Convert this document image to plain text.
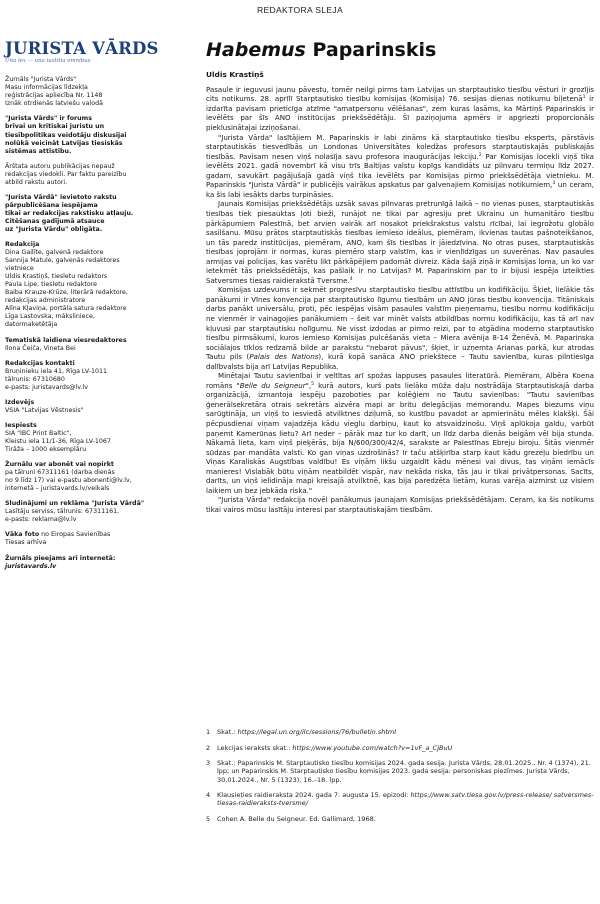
REDAKTORA SLEJA
JURISTA VĀRDS
Una lex — una iustitia omnibus

Žurnāls "Jurista Vārds"

Masu informācijas līdzekļa

reģistrācijas apliecība Nr. 1148

Iznāk otrdienās latviešu valodā

"Jurista Vārds" ir forums

brīvai un kritiskai juristu un

tiesībpolitikas veidotāju diskusijai

nolūkā veicināt Latvijas tiesiskās

sistēmas attīstību.

Ārštata autoru publikācijas nepauž

redakcijas viedokli. Par faktu pareizību

atbild rakstu autori.

"Jurista Vārdā" ievietoto rakstu

pārpublicēšana iespējama

tikai ar redakcijas rakstisku atļauju.

Citēšanas gadījumā atsauce

uz "Jurista Vārdu" obligāta.

Redakcija

Dina Gailīte, galvenā redaktore

Sannija Matule, galvenās redaktores

vietniece

Uldis Krastiņš, tiesletu redaktors

Paula Lipe, tiesletu redaktore

Baiba Krauze-Krūze, literārā redaktore,

redakcijas administratore

Alīna Kļaviņa, portāla satura redaktore

Līga Lastovska, māksliniece,

datormaketētāja

Tematiskā laidiena viesredaktores

Ilona Čeiča, Vineta Bei

Redakcijas kontakti

Bruņinieku iela 41, Rīga LV-1011

tālrunis: 67310680

e-pasts: juristavards@lv.lv

Izdevējs

VSIA "Latvijas Vēstnesis"

Iespiests

SIA "IBC Print Baltic",

Kleistu iela 11/1-36, Rīga LV-1067

Tirāža – 1000 eksemplāru

Žurnālu var abonēt vai nopirkt

pa tālruni 67311161 (darba dienās

no 9 līdz 17) vai e-pastu abonenti@lv.lv,

internetā – juristavards.lv/veikals

Sludinājumi un reklāma "Jurista Vārdā"

Lasītāju serviss, tālrunis: 67311161,

e-pasts: reklama@lv.lv

Vāka foto no Eiropas Savienības

Tiesas arhīva

Žurnāls pieejams arī internetā:

juristavards.lv

Habemus Paparinskis
Uldis Krastiņš

Pasaule ir ieguvusi jaunu pāvestu, tomēr neilgi pirms tam Latvijas un starptautisko tiesību vēsturi ir grozījis cits notikums. 28. aprīlī Starptautisko tiesību komisijas (Komisija) 76. sesijas dienas notikumu biļetenā$^1$ ir izdarīta pavisam prieticīga atzīme "amatpersonu vēlēšanas", zem kuras lasāms, ka Mārtiņš Paparinskis ir ievēlēts par šīs ANO institūcijas priekšsēdētāju. Šī paziņojuma apmērs ir apgriezti proporcionāls pieklusinātajai izziņošanai.

"Jurista Vārda" lasītājiem M. Paparinskis ir labi zināms kā starptautisko tiesību eksperts, pārstāvis starptautiskās tiesvedībās un Londonas Universitātes koledžas profesors starptautiskajās publiskajās tiesībās. Pavisam nesen viņš nolasīja savu profesora inaugurācijas lekciju.$^2$ Par Komisijas locekli viņš tika ievēlēts 2021. gadā novembrī kā visu trīs Baltijas valstu kopīgs kandidāts uz pilnvaru termiņu līdz 2027. gadam, savukārt pagājušajā gadā viņš tika ievēlēts par Komisijas pirmo priekšsēdētāja vietnieku. M. Paparinskis "Jurista Vārdā" ir publicējis vairākus apskatus par galvenajiem Komisijas notikumiem,$^3$ un ceram, ka šis labi iesākts darbs turpināsies.

Jaunais Komisijas priekšsēdētājs uzsāk savas pilnvaras pretrunīgā laikā – no vienas puses, starptautiskās tiesības tiek piesauktas ļoti bieži, runājot ne tikai par agresiju pret Ukrainu un humanitāro tiesību pārkāpumiem Palestīnā, bet arvien vairāk arī nosakot priekšrakstus valstu rīcībai, lai iegrožotu globālo sasilšanu. Mūsu prātos starptautiskās tiesības iemieso ideālus, piemēram, ikvienas tautas pašnoteikšanos, un tās paredz institūcijas, piemēram, ANO, kam šīs tiesības ir jāiedzīvina. No otras puses, starptautiskās tiesības joprojām ir normas, kuras piemēro starp valstīm, kas ir vienlīdzīgas un suverēnas. Nav pasaules armijas vai policijas, kas varētu likt pārkāpējiem padomāt divreiz. Kāda šajā ziņā ir Komisijas loma, un ko var ietekmēt tās priekšsēdētājs, kas pašlaik ir no Latvijas? M. Paparinskim par to ir bijusi iespēja izteikties Satversmes tiesas raidierakstā Tversme.$^4$

Komisijas uzdevums ir sekmēt progresīvu starptautisko tiesību attīstību un kodifikāciju. Šķiet, lielākie tās panākumi ir Vīnes konvencija par starptautisko līgumu tiesībām un ANO jūras tiesību konvencija. Titāniskais darbs panākt universālu, proti, pēc iespējas visām pasaules valstīm pieņemamu, tiesību normu kodifikāciju ne vienmēr ir vainagojies panākumiem – šeit var minēt valsts atbildības normu kodifikāciju, kas tā arī nav kļuvusi par starptautisku nolīgumu. Ne visst izdodas ar pirmo reizi, par to atgādina moderno starptautisko tiesību pirmsākumi, kuros iemieso Komisijas pulcēšanās vieta – Miera avēnija 8-14 Ženēvā. M. Paparinska sociālajos tīklos redzamā bilde ar parakstu "nebarot pāvus", šķiet, ir uzņemta Arianas parkā, kur atrodas Tautu pils (Palais des Nations), kurā kopā sanāca ANO priekštece – Tautu savienība, kuras pilntiesīga dalībvalsts bija arī Latvijas Republika.

Minētajai Tautu savienībai ir veltītas arī spožas lappuses pasaules literatūrā. Piemēram, Albēra Koena romāns "Belle du Seigneur",$^5$ kurā autors, kurš pats lielāko mūža daļu nostrādāja Starptautiskajā darba organizācijā, izmantoja iespēju pazoboties par kolēģiem no Tautu savienības: "Tautu savienības ģenerālsekretāra otrais sekretārs aizvēra mapi ar britu delegācijas memorandu. Mapes biezums viņu sarūgtināja, un viņš to iesviedā atvilktnes dziļumā, so kustību pavadot ar apmierinātu mēles klakšķi. Šāi pēcpusdienai viņam vajadzēja kādu vieglu darbiņu, kaut ko atsvaidzinošu. Viņš aplūkoja galdu, varbūt paņemt Kamerūnas lietu? Arī neder – pārāk maz tur ko darīt, un līdz darba dienās beigām vēl bija stunda. Nākamā lieta, kam viņš pieķērās, bija N/600/300/42/4, sarakste ar Palestīnas Ebreju biroju. Šitās vienmēr sūdzas par mandāta valsti. Ko gan viņas uzdrošinās? Ir taču atšķirība starp kaut kādu grezeļu biedrību un Viņas Karaliskās Augstības valdību! Es viņām likšu uzgaidīt kādu mēnesi vai divus, tas viņām iemācīs manieres! Vislabāk būtu viņām neatbildēt vispār, nav nekāda riska, tās jau ir tikai privātpersonas. Sacīts, darīts, un viņš ielidināja mapi kreisajā atvilktnē, kas bija paredzēta lietām, kuras varēja aizmirst uz visiem laikiem un bez jebkāda riska."

"Jurista Vārda" redakcija novēl panākumus jaunajam Komisijas priekšsēdētājam. Ceram, ka šis notikums tikai vairos mūsu lasītāju interesi par starptautiskajām tiesībām.

1	Skat.: https://legal.un.org/ilc/sessions/76/bulletin.shtml
2	Lekcijas ieraksts skat.: https://www.youtube.com/watch?v=1vF_a_CjBuU
3	Skat.: Paparinskis M. Starptautisko tiesību komisijas 2024. gada sesija. Jurista Vārds, 28.01.2025., Nr. 4 (1374), 21. lpp; un Paparinskis M. Starptautisko tiesību komisijas 2023. gada sesija: personiskas piezīmes. Jurista Vārds, 30.01.2024., Nr. 5 (1323), 16.–18. lpp.
4	Klausieties raidieraksta 2024. gada 7. augusta 15. epizodi: https://www.satv.tiesa.gov.lv/press-release/ satversmes-tiesas-raidieraksts-tversme/
5	Cohen A. Belle du Seigneur. Ed. Gallimard, 1968.
